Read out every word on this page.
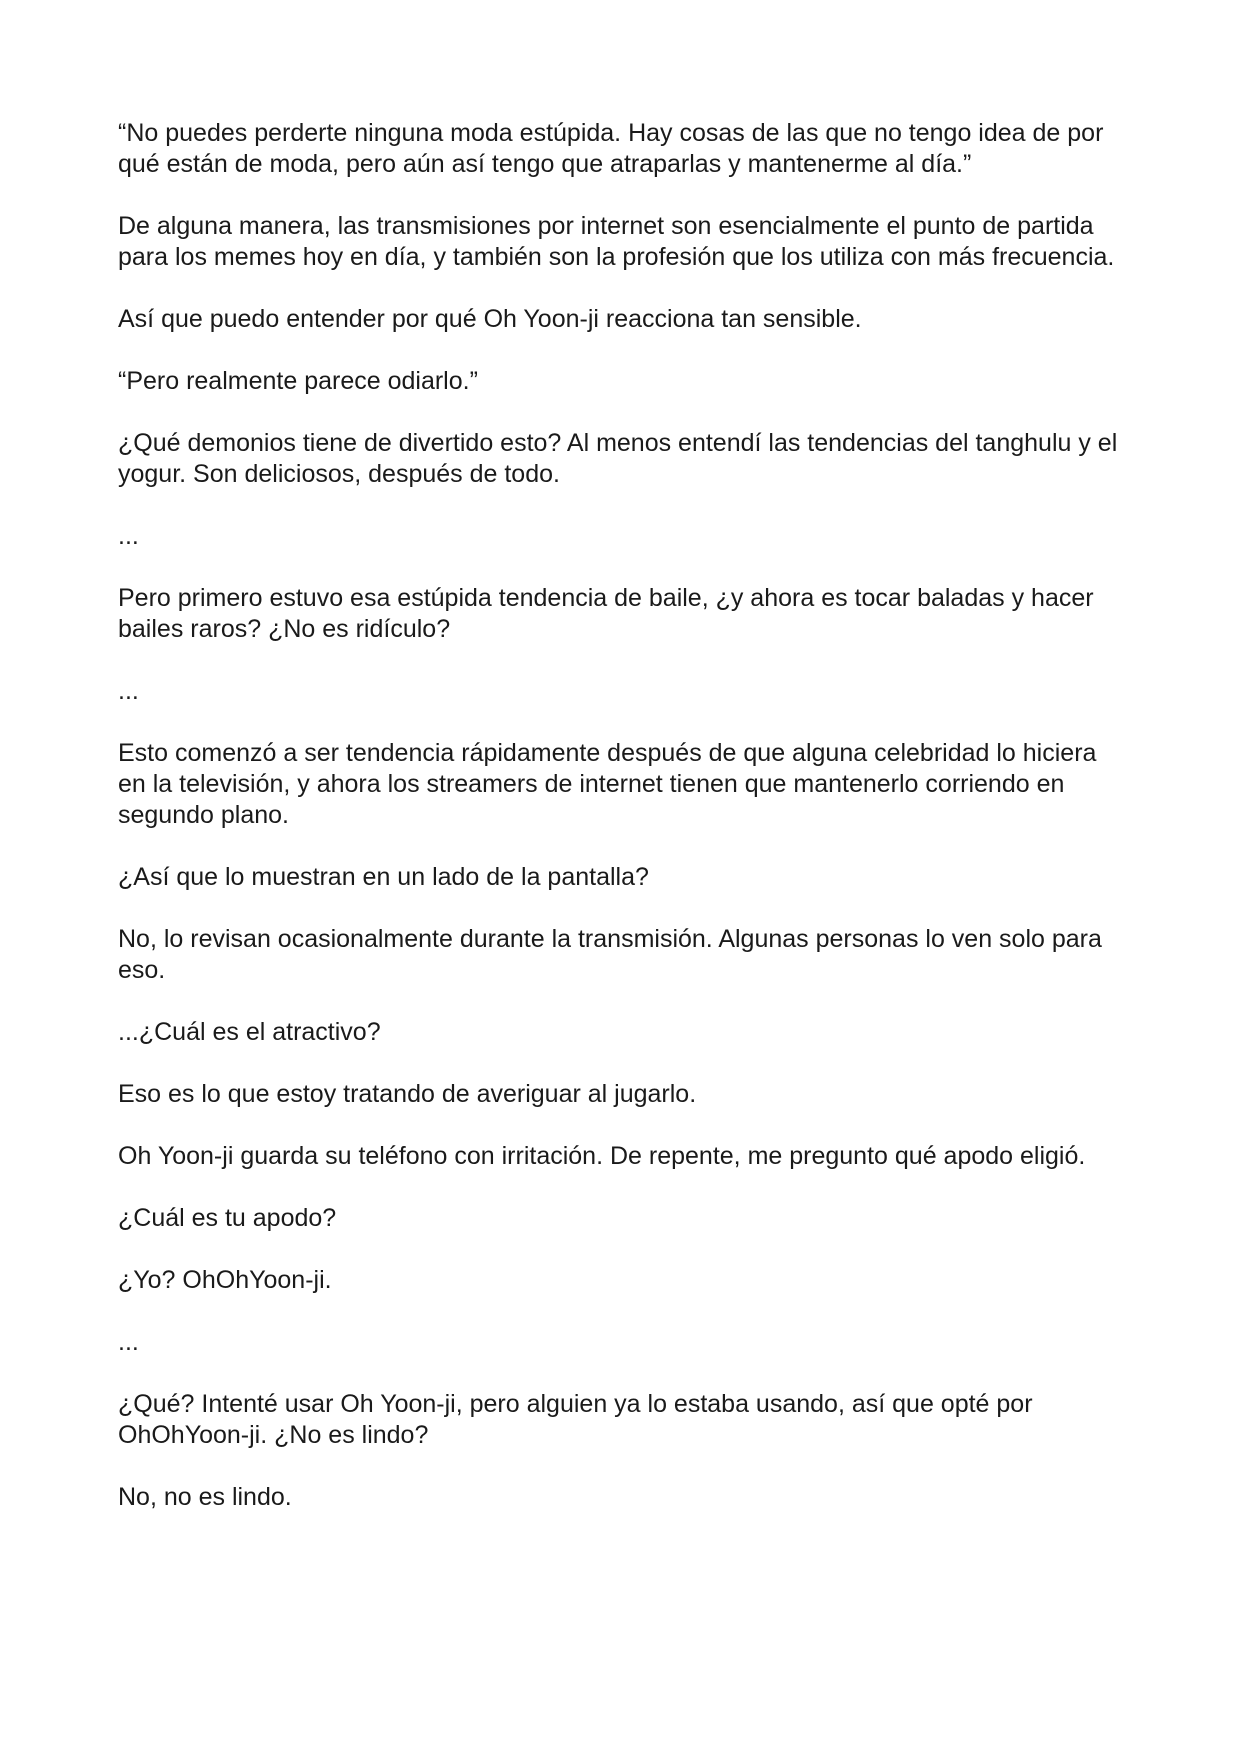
“No puedes perderte ninguna moda estúpida. Hay cosas de las que no tengo idea de por qué están de moda, pero aún así tengo que atraparlas y mantenerme al día.”

De alguna manera, las transmisiones por internet son esencialmente el punto de partida para los memes hoy en día, y también son la profesión que los utiliza con más frecuencia.

Así que puedo entender por qué Oh Yoon-ji reacciona tan sensible.

“Pero realmente parece odiarlo.”

¿Qué demonios tiene de divertido esto? Al menos entendí las tendencias del tanghulu y el yogur. Son deliciosos, después de todo.

...

Pero primero estuvo esa estúpida tendencia de baile, ¿y ahora es tocar baladas y hacer bailes raros? ¿No es ridículo?

...

Esto comenzó a ser tendencia rápidamente después de que alguna celebridad lo hiciera en la televisión, y ahora los streamers de internet tienen que mantenerlo corriendo en segundo plano.

¿Así que lo muestran en un lado de la pantalla?

No, lo revisan ocasionalmente durante la transmisión. Algunas personas lo ven solo para eso.

...¿Cuál es el atractivo?

Eso es lo que estoy tratando de averiguar al jugarlo.

Oh Yoon-ji guarda su teléfono con irritación. De repente, me pregunto qué apodo eligió.

¿Cuál es tu apodo?

¿Yo? OhOhYoon-ji.

...

¿Qué? Intenté usar Oh Yoon-ji, pero alguien ya lo estaba usando, así que opté por OhOhYoon-ji. ¿No es lindo?

No, no es lindo.
